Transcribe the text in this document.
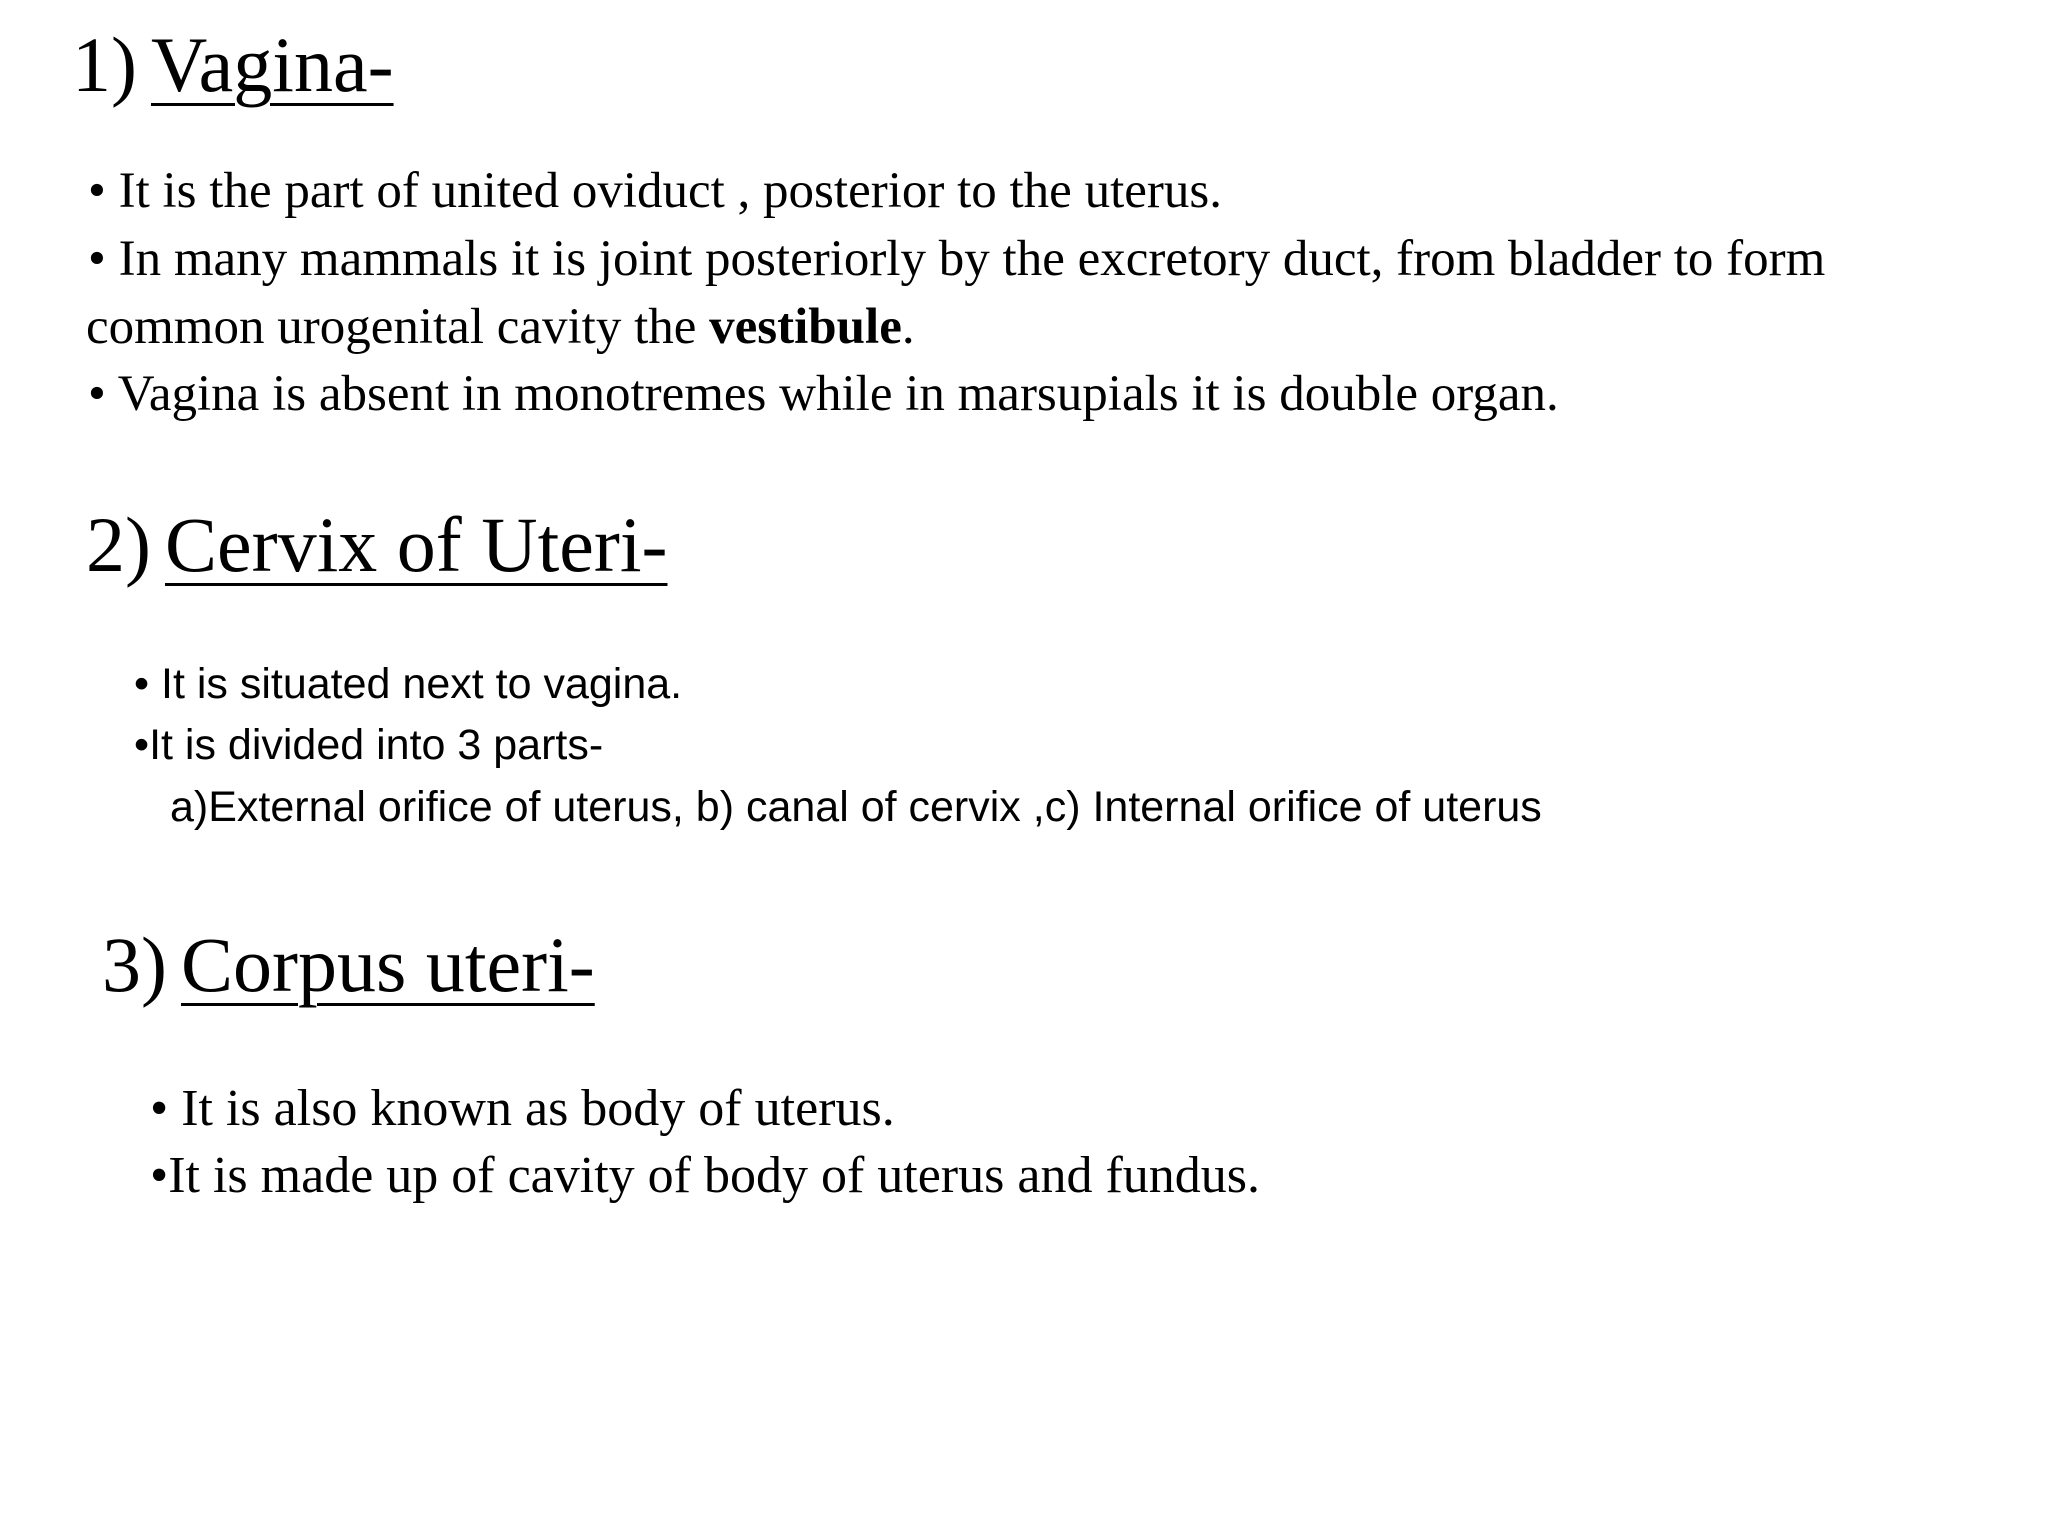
1) Vagina-
• It is the part of united oviduct , posterior to the uterus.
• In many mammals it is joint posteriorly by the excretory duct, from bladder to form
common urogenital cavity the vestibule.
• Vagina is absent in monotremes while in marsupials it is double organ.
2) Cervix of Uteri-
• It is situated next to vagina.
•It is divided into 3 parts-
a)External orifice of uterus, b) canal of cervix ,c) Internal orifice of uterus
3) Corpus uteri-
• It is also known as body of uterus.
•It is made up of cavity of body of uterus and fundus.
